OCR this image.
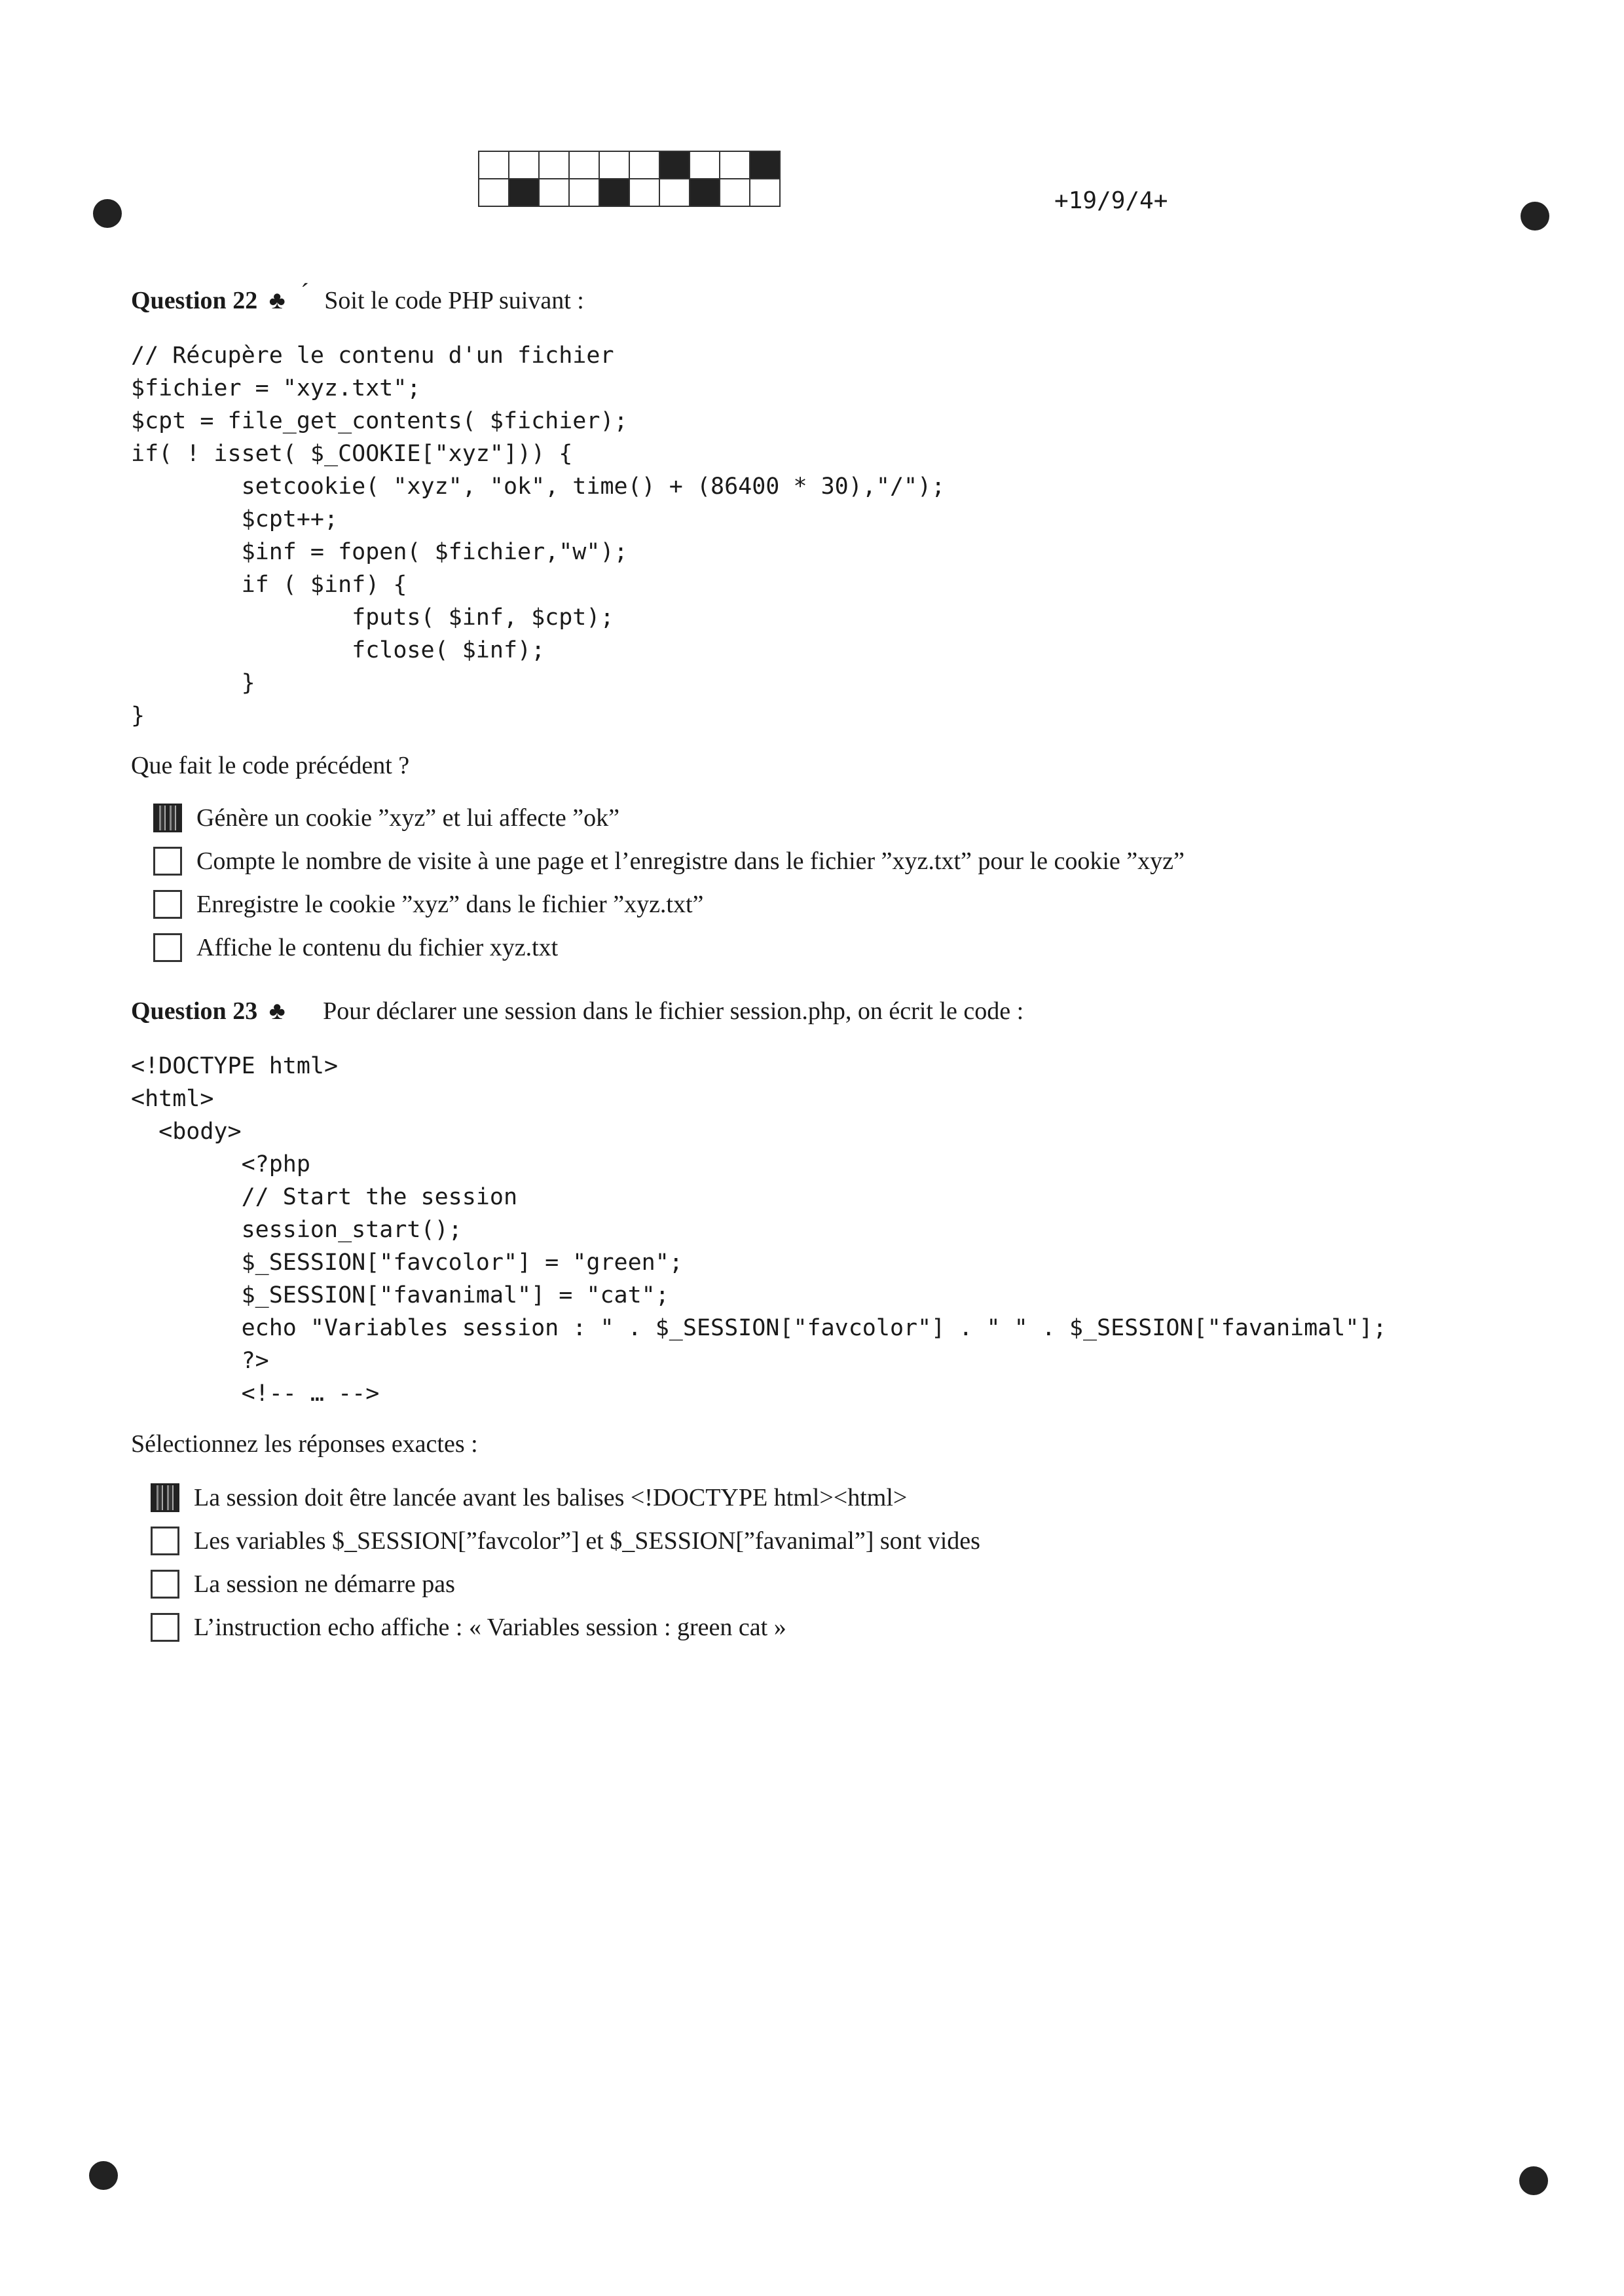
+19/9/4+
Question 22 ♣ ´ Soit le code PHP suivant :
// Récupère le contenu d'un fichier
$fichier = "xyz.txt";
$cpt = file_get_contents( $fichier);
if( ! isset( $_COOKIE["xyz"])) {
setcookie( "xyz", "ok", time() + (86400 * 30),"/");
$cpt++;
$inf = fopen( $fichier,"w");
if ( $inf) {
fputs( $inf, $cpt);
fclose( $inf);
}
}
Que fait le code précédent ?
Génère un cookie ”xyz” et lui affecte ”ok”
Compte le nombre de visite à une page et l’enregistre dans le fichier ”xyz.txt” pour le cookie ”xyz”
Enregistre le cookie ”xyz” dans le fichier ”xyz.txt”
Affiche le contenu du fichier xyz.txt
Question 23 ♣ Pour déclarer une session dans le fichier session.php, on écrit le code :
<!DOCTYPE html>
<html>
<body>
<?php
// Start the session
session_start();
$_SESSION["favcolor"] = "green";
$_SESSION["favanimal"] = "cat";
echo "Variables session : " . $_SESSION["favcolor"] . " " . $_SESSION["favanimal"];
?>
<!-- … -->
Sélectionnez les réponses exactes :
La session doit être lancée avant les balises <!DOCTYPE html><html>
Les variables $_SESSION[”favcolor”] et $_SESSION[”favanimal”] sont vides
La session ne démarre pas
L’instruction echo affiche : « Variables session : green cat »
